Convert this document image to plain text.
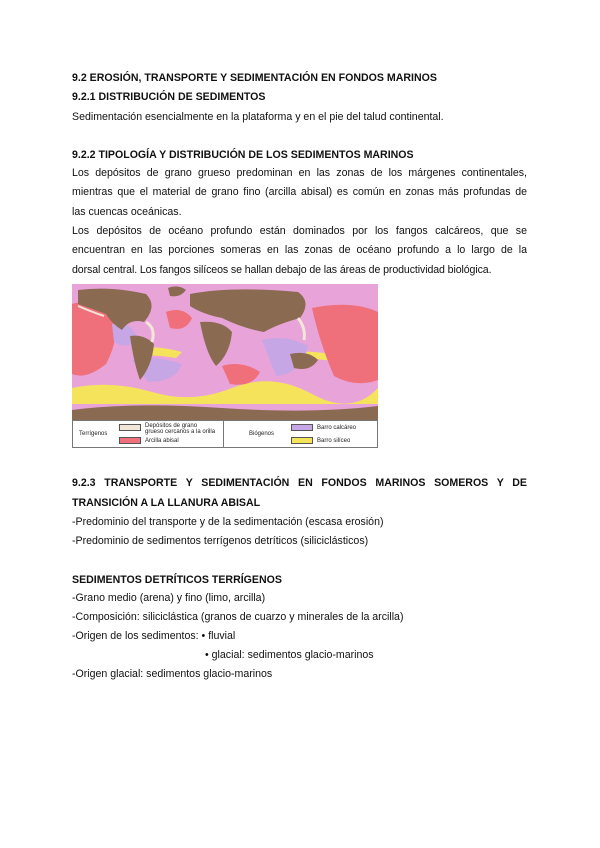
9.2 EROSIÓN, TRANSPORTE Y SEDIMENTACIÓN EN FONDOS MARINOS
9.2.1 DISTRIBUCIÓN DE SEDIMENTOS
Sedimentación esencialmente en la plataforma y en el pie del talud continental.
9.2.2 TIPOLOGÍA Y DISTRIBUCIÓN DE LOS SEDIMENTOS MARINOS
Los depósitos de grano grueso predominan en las zonas de los márgenes continentales,
mientras que el material de grano fino (arcilla abisal) es común en zonas más profundas de
las cuencas oceánicas.
Los depósitos de océano profundo están dominados por los fangos calcáreos, que se
encuentran en las porciones someras en las zonas de océano profundo a lo largo de la
dorsal central. Los fangos silíceos se hallan debajo de las áreas de productividad biológica.
Terrígenos
Depósitos de grano
grueso cercanos a la orilla
Arcilla abisal
Biógenos
Barro calcáreo
Barro silíceo
9.2.3 TRANSPORTE Y SEDIMENTACIÓN EN FONDOS MARINOS SOMEROS Y DE
TRANSICIÓN A LA LLANURA ABISAL
-Predominio del transporte y de la sedimentación (escasa erosión)
-Predominio de sedimentos terrígenos detríticos (siliciclásticos)
SEDIMENTOS DETRÍTICOS TERRÍGENOS
-Grano medio (arena) y fino (limo, arcilla)
-Composición: siliciclástica (granos de cuarzo y minerales de la arcilla)
-Origen de los sedimentos: • fluvial
• glacial: sedimentos glacio-marinos
-Origen glacial: sedimentos glacio-marinos
